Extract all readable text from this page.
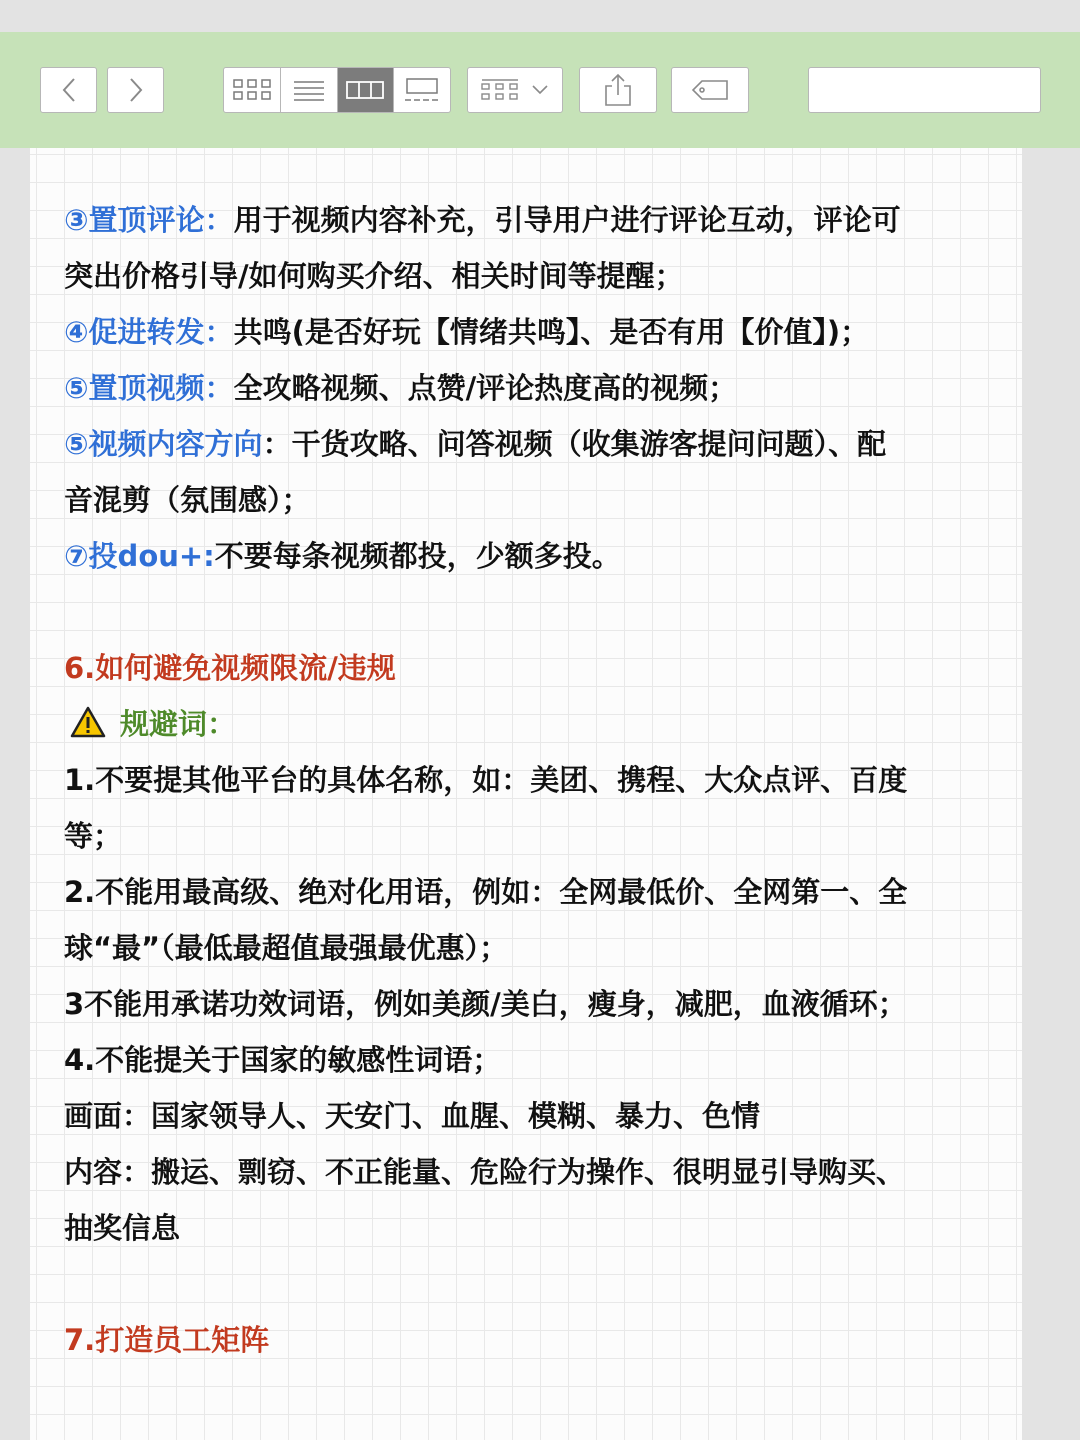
③置顶评论：用于视频内容补充，引导用户进行评论互动，评论可
突出价格引导/如何购买介绍、相关时间等提醒；
④促进转发：共鸣(是否好玩【情绪共鸣】、是否有用【价值】)；
⑤置顶视频：全攻略视频、点赞/评论热度高的视频；
⑤视频内容方向：干货攻略、问答视频（收集游客提问问题）、配
音混剪（氛围感）；
⑦投dou+:不要每条视频都投，少额多投。
6.如何避免视频限流/违规
规避词：
1.不要提其他平台的具体名称，如：美团、携程、大众点评、百度
等；
2.不能用最高级、绝对化用语，例如：全网最低价、全网第一、全
球“最”（最低最超值最强最优惠）；
3不能用承诺功效词语，例如美颜/美白，瘦身，减肥，血液循环；
4.不能提关于国家的敏感性词语；
画面：国家领导人、天安门、血腥、模糊、暴力、色情
内容：搬运、剽窃、不正能量、危险行为操作、很明显引导购买、
抽奖信息
7.打造员工矩阵
